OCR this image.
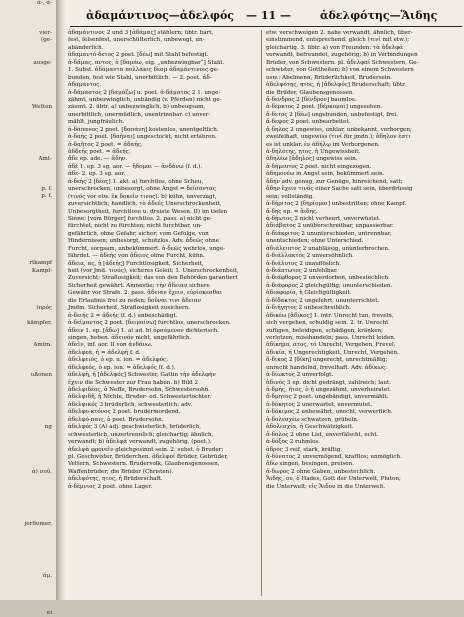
ἀ-, ἀ-
vier-
(ge-
ausge-
Wetten
Amt-
p. f.
p. f.
rtkampf
Kampf-
(πρός
kämpfer,
Amtm.
ußonen
ng
ὰ) σοῦ.
jerfiumer,
ᾰμ.
ei
ἀδαμάντινος—ἀδελφός — 11 —	ἀδελφότης—Ἅιδης
ἀδαμάντινος 2 und 3 [ἀδάμας] stählern; übtr. hart,
fest, felsenfest, unerschütterlich, unbewegt, un-
abänderlich.
ἀδαμαντό-δετος 2 poet. [δέω] mit Stahl befestigt.
ἀ-δάμας, αντος, ὁ [δαμάω, eig. „unbezwingbar“] Stahl.
1. Subst. ἀδάμαντα πολλάκις δεσμ ἀδαμάντινοις ge-
bunden, fest wie Stahl, unerbittlich. — 2. poet. ἀδ-
ἀδαμαντος.
ἀ-δάμαστος 2 [δαμάζω] u. poet. ἀ-δάματος 2 1. unge-
zähmt, unbezwinglich, unbändig (v. Pferden) nicht ge-
zäumt. 2. übtr. a) unbezwinglich, b) unbeugsam,
unerbittlich, unermüdlich, unentrinnbar. c) unver-
mählt, jungfräulich.
ἀ-δάπανος 2 poet. [δαπάνη] kostenlos, unentgeltlich.
ἀ-δαής 2 poet. [δαῆναι] ungeschickt, nicht erfahren.
ἀ-δαῆτος 2 poet. = ἀδαής.
ἀδδεής poet. = ἀδεής.
ἄδε ep. ade. — ἄδην.
ἀδέ 1. ep. 3 sg. aor. — ἥδομαι — ἁνδάνω (f. d.).
ἀδε- 2. ep. 3 sg. aor.
ἀ-δεής 2 [δέος] 1. akt. a) furchtlos, ohne Scheu,
unerschrocken, unbesorgt, ohne Angst ⇔ δείσαντας
(τινός vor etw. ἐκ δοκεῖν τινος). b) kühn, unverzagt,
zuversichtlich; handlich. τὸ ἀδεές Unerschrockenheit,
Unbesorgtheit, furchtlose u. dreiste Wesen. II) im tiefen
Sinne: [vom Bürger] furchtlos. 2. pass. a) nicht ge-
fürchtet, nicht zu fürchten; nicht furchtbar, un-
gefährlich, ohne Gefahr, sicher; vom Gefolge, von
Hindernissen; unbesorgt, schutzlos. Adv. ἀδεῶς ohne
Furcht, sorgsam, unbekümmert. ἀ-δεῶς wehrlos, unge-
fährdet. — ἀδεής von ἄδειος ohne Furcht, kühn.
ἄδεια, ας, ἡ [ἀδεής] Furchtlosigkeit, Sicherheit,
heit (vor Jmd. τινός), sicheres Geleit; 1. Unerschrockenheit,
Zuversicht; Straflosigkeit; das von den Behörden garantiert
Sicherheit gewährt. Amnestie; τὴν ἄδειαν sichere
Gewähr vor Strafe. 2. pass. ἄδειαν ἔχειν, εὑρίσκεσθαι
die Erlaubnis frei zu reden; δοῦναι τινι ἄδειαν
Jmdm. Sicherheit, Straflosigkeit zusichern.
ἀ-δειής 2 = ἀδεής (f. d.) unbeschädigt.
ἀ-δείμαντος 2 poet. [δειμαίνω] furchtlos, unerschrocken.
ἄδειν 1. ep. [ἄδω] 1. a) ad. b) ὀρσόμενον dichterisch.
singen, heben. ἀδεινόν nicht, ungefährlich.
ἀδεῖν, inf. aor. II von ἁνδάνω.
ἀδελφεά, ἡ = ἀδελφή f. d.
ἀδελφειός, ὁ ep. u. ion. = ἀδελφός.
ἀδελφεός, ὁ ep. ion. = ἀδελφός (f. d.).
ἀδελφή, ἡ [ἀδελφός] Schwester, Gattin τὴν ἀδελφὴν
ἔχειν die Schwester zur Frau haben. b) Bild 2
ἀδελφιδέος, ὁ Neffe, Brudersohn, Schwestersohn.
ἀδελφιδῆ, ἡ Nichte, Bruder- od. Schwestertochter.
ἀδελφικός 3 brüderlich, schwesterlich; adv.
ἀδελφο-κτόνος 2 poet. brudermordend.
ἀδελφό-παις, ὁ poet. Brudersohn.
ἀδελφός 3 (A) adj. geschwisterlich, brüderlich,
schwesterlich, unzertrennlich; gleichartig; ähnlich,
verwandt; b) ἀδελφά verwandt, zugehörig, (poet.).
ἀδελφὰ φρονεῖν gleichgesinnt sein. 2. subst. ὁ Bruder;
pl. Geschwister, Brüderchen. ἀδελφοί Brüder, Gebrüder,
Vettern, Schwestern. Brudervolk, Glaubensgenossen,
Waffenbrüder; die Brüder (Christen).
ἀδελφότης, ητος, ἡ Brüderschaft.
ἀ-δέμνιος 2 poet. ohne Lager.
etw. verschweigen 2. nahe verwandt, ähnlich, über-
einstimmend, entsprechend, gleich (τινί mit etw.);
gleichartig. 3. übtr. a) von Freunden: τὰ ἀδελφά
verwandt, befreundet, zugehörig; b) in Verbindungen
Brüder, von Schwestern. pl. ἀδελφαί Schwestern, Ge-
schwister, von Gottheiten; b) von einem Schwestern
usw.: Abelmenn, Brüderlichkeit, Brudersein.
ἀδελφότης, ητος, ἡ [ἀδελφός] Bruderschaft; übtr.
die Brüder, Glaubensgenossen.
ἄ-δενδρος 2 [δένδρον] baumlos.
ἀ-δέρκτος 2 poet. [δέρκομαι] ungesehen.
ἄ-δετος 2 [δέω] ungebunden, unbefestigt, frei.
ἄ-δεψος 2 poet. unbearbeitet.
ἄ-δηλος 2 ungewiss, unklar, unbekannt, verborgen;
zweifelhaft, ungewiss (τινί für jmdn.); ἄδηλον ἐστι
es ist unklar. ἐν ἀδήλῳ im Verborgenen.
ἀ-δηλότης, ητος, ἡ Ungewissheit.
ἀδηλέω [ἄδηλος] ungewiss sein.
ἀ-δήμευτος 2 poet. nicht eingezogen.
ἀδημονέω in Angst sein, bekümmert sein.
ἄδην adv. genug, zur Genüge, hinreichend, satt;
ἄδην ἔχειν τινός einer Sache satt sein, überdrüssig
sein; vollständig.
ἀ-δήριτος 2 [δηρίομαι] unbestritten; ohne Kampf.
ἅ-δης ep. = ἅιδης.
ἀ-δῄωτος 2 nicht verheert, unverwüstet.
ἀδιάβατος 2 unüberschreitbar, unpassierbar.
ἀ-διάκριτος 2 ununterschieden, untrennbar,
unentschieden; ohne Unterschied.
ἀδιάλειπτος 2 unablässig, ununterbrochen.
ἀ-διάλλακτος 2 unversöhnlich.
ἀ-διάλυτος 2 unauflöslich.
ἀ-διάπτωτος 2 unfehlbar.
ἀ-διάφθορος 2 unverdorben, unbestechlich.
ἀ-διάφορος 2 gleichgültig; ununterschieden.
ἀδιαφορία, ἡ Gleichgültigkeit.
ἀ-δίδακτος 2 ungelehrt, ununterrichtet.
ἀ-διήγητος 2 unbeschreiblich.
ἀδικέω [ἄδικος] 1. intr. Unrecht tun, freveln,
sich vergehen, schuldig sein. 2. tr. Unrecht
zufügen, beleidigen, schädigen, kränken;
verletzen, misshandeln; pass. Unrecht leiden.
ἀδίκημα, ατος, τό Unrecht, Vergehen, Frevel.
ἀδικία, ἡ Ungerechtigkeit, Unrecht, Vergehen.
ἄ-δικος 2 [δίκη] ungerecht, unrechtmäßig;
unrecht handelnd, frevelhaft. Adv. ἀδίκως.
ἀ-δίωκτος 2 unverfolgt.
ἀδινός 3 ep. dicht gedrängt, zahlreich; laut.
ἀ-δμής, ῆτος, ὁ ἡ ungezähmt, unverheiratet.
ἄ-δμητος 2 poet. ungebändigt, unvermählt.
ἀ-δόκητος 2 unerwartet, unvermutet.
ἀ-δόκιμος 2 unbewährt, unecht, verwerflich.
ἀ-δολεσχέω schwatzen, grübeln.
ἀδολεσχία, ἡ Geschwätzigkeit.
ἄ-δολος 2 ohne List, unverfälscht, echt.
ἀ-δόξος 2 ruhmlos.
ἁδρός 3 reif, stark, kräftig.
ἀ-δύνατος 2 unvermögend, kraftlos; unmöglich.
ἄδω singen, besingen, preisen.
ἄ-δωρος 2 ohne Gaben, unbestechlich.
Ἅιδης, ου, ὁ Hades, Gott der Unterwelt, Pluton;
die Unterwelt; εἰς Ἅιδου in die Unterwelt.
